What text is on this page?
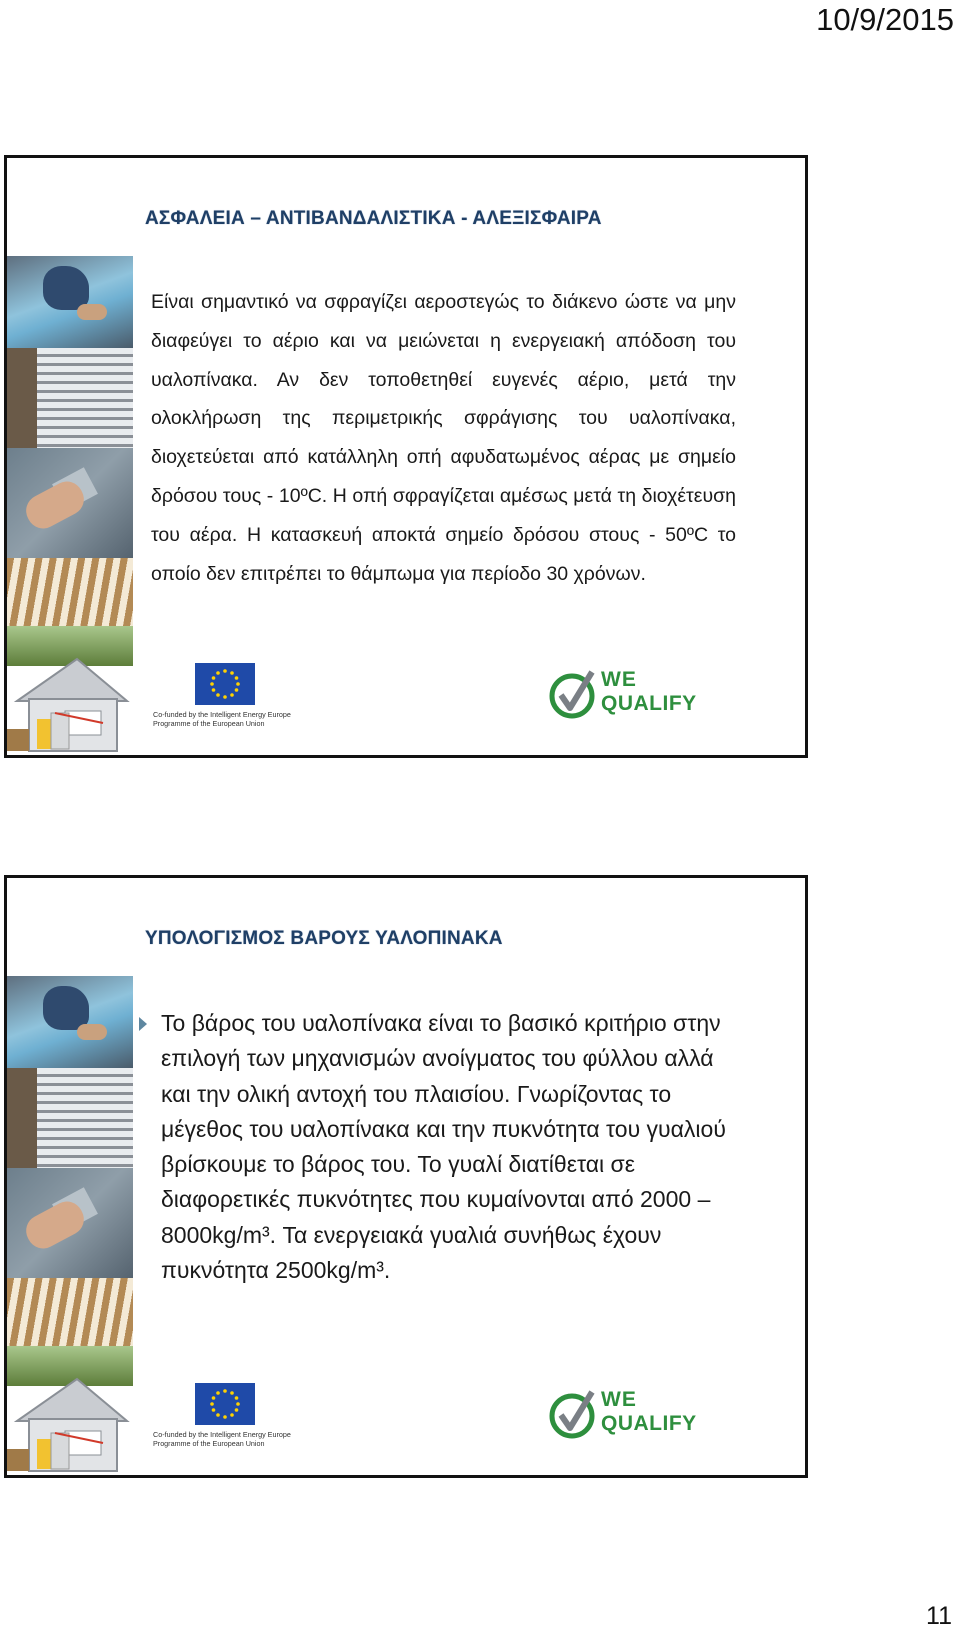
10/9/2015
ΑΣΦΑΛΕΙΑ – ΑΝΤΙΒΑΝΔΑΛΙΣΤΙΚΑ - ΑΛΕΞΙΣΦΑΙΡΑ
Είναι σημαντικό να σφραγίζει αεροστεγώς το διάκενο ώστε να μην διαφεύγει το αέριο και να μειώνεται η ενεργειακή απόδοση του υαλοπίνακα. Αν δεν τοποθετηθεί ευγενές αέριο, μετά την ολοκλήρωση της περιμετρικής σφράγισης του υαλοπίνακα, διοχετεύεται από κατάλληλη οπή αφυδατωμένος αέρας με σημείο δρόσου τους - 10ºC. Η οπή σφραγίζεται αμέσως μετά τη διοχέτευση του αέρα. Η κατασκευή αποκτά σημείο δρόσου στους - 50ºC το οποίο δεν επιτρέπει το θάμπωμα για περίοδο 30 χρόνων.
Co-funded by the Intelligent Energy Europe Programme of the European Union
WE
QUALIFY
ΥΠΟΛΟΓΙΣΜΟΣ ΒΑΡΟΥΣ ΥΑΛΟΠΙΝΑΚΑ
Το βάρος του υαλοπίνακα είναι το βασικό κριτήριο στην επιλογή των μηχανισμών ανοίγματος του φύλλου αλλά και την ολική αντοχή του πλαισίου. Γνωρίζοντας το μέγεθος του υαλοπίνακα και την πυκνότητα του γυαλιού βρίσκουμε το βάρος του. Το γυαλί διατίθεται σε διαφορετικές πυκνότητες που κυμαίνονται από 2000 – 8000kg/m³. Τα ενεργειακά γυαλιά συνήθως έχουν πυκνότητα 2500kg/m³.
Co-funded by the Intelligent Energy Europe Programme of the European Union
WE
QUALIFY
11
